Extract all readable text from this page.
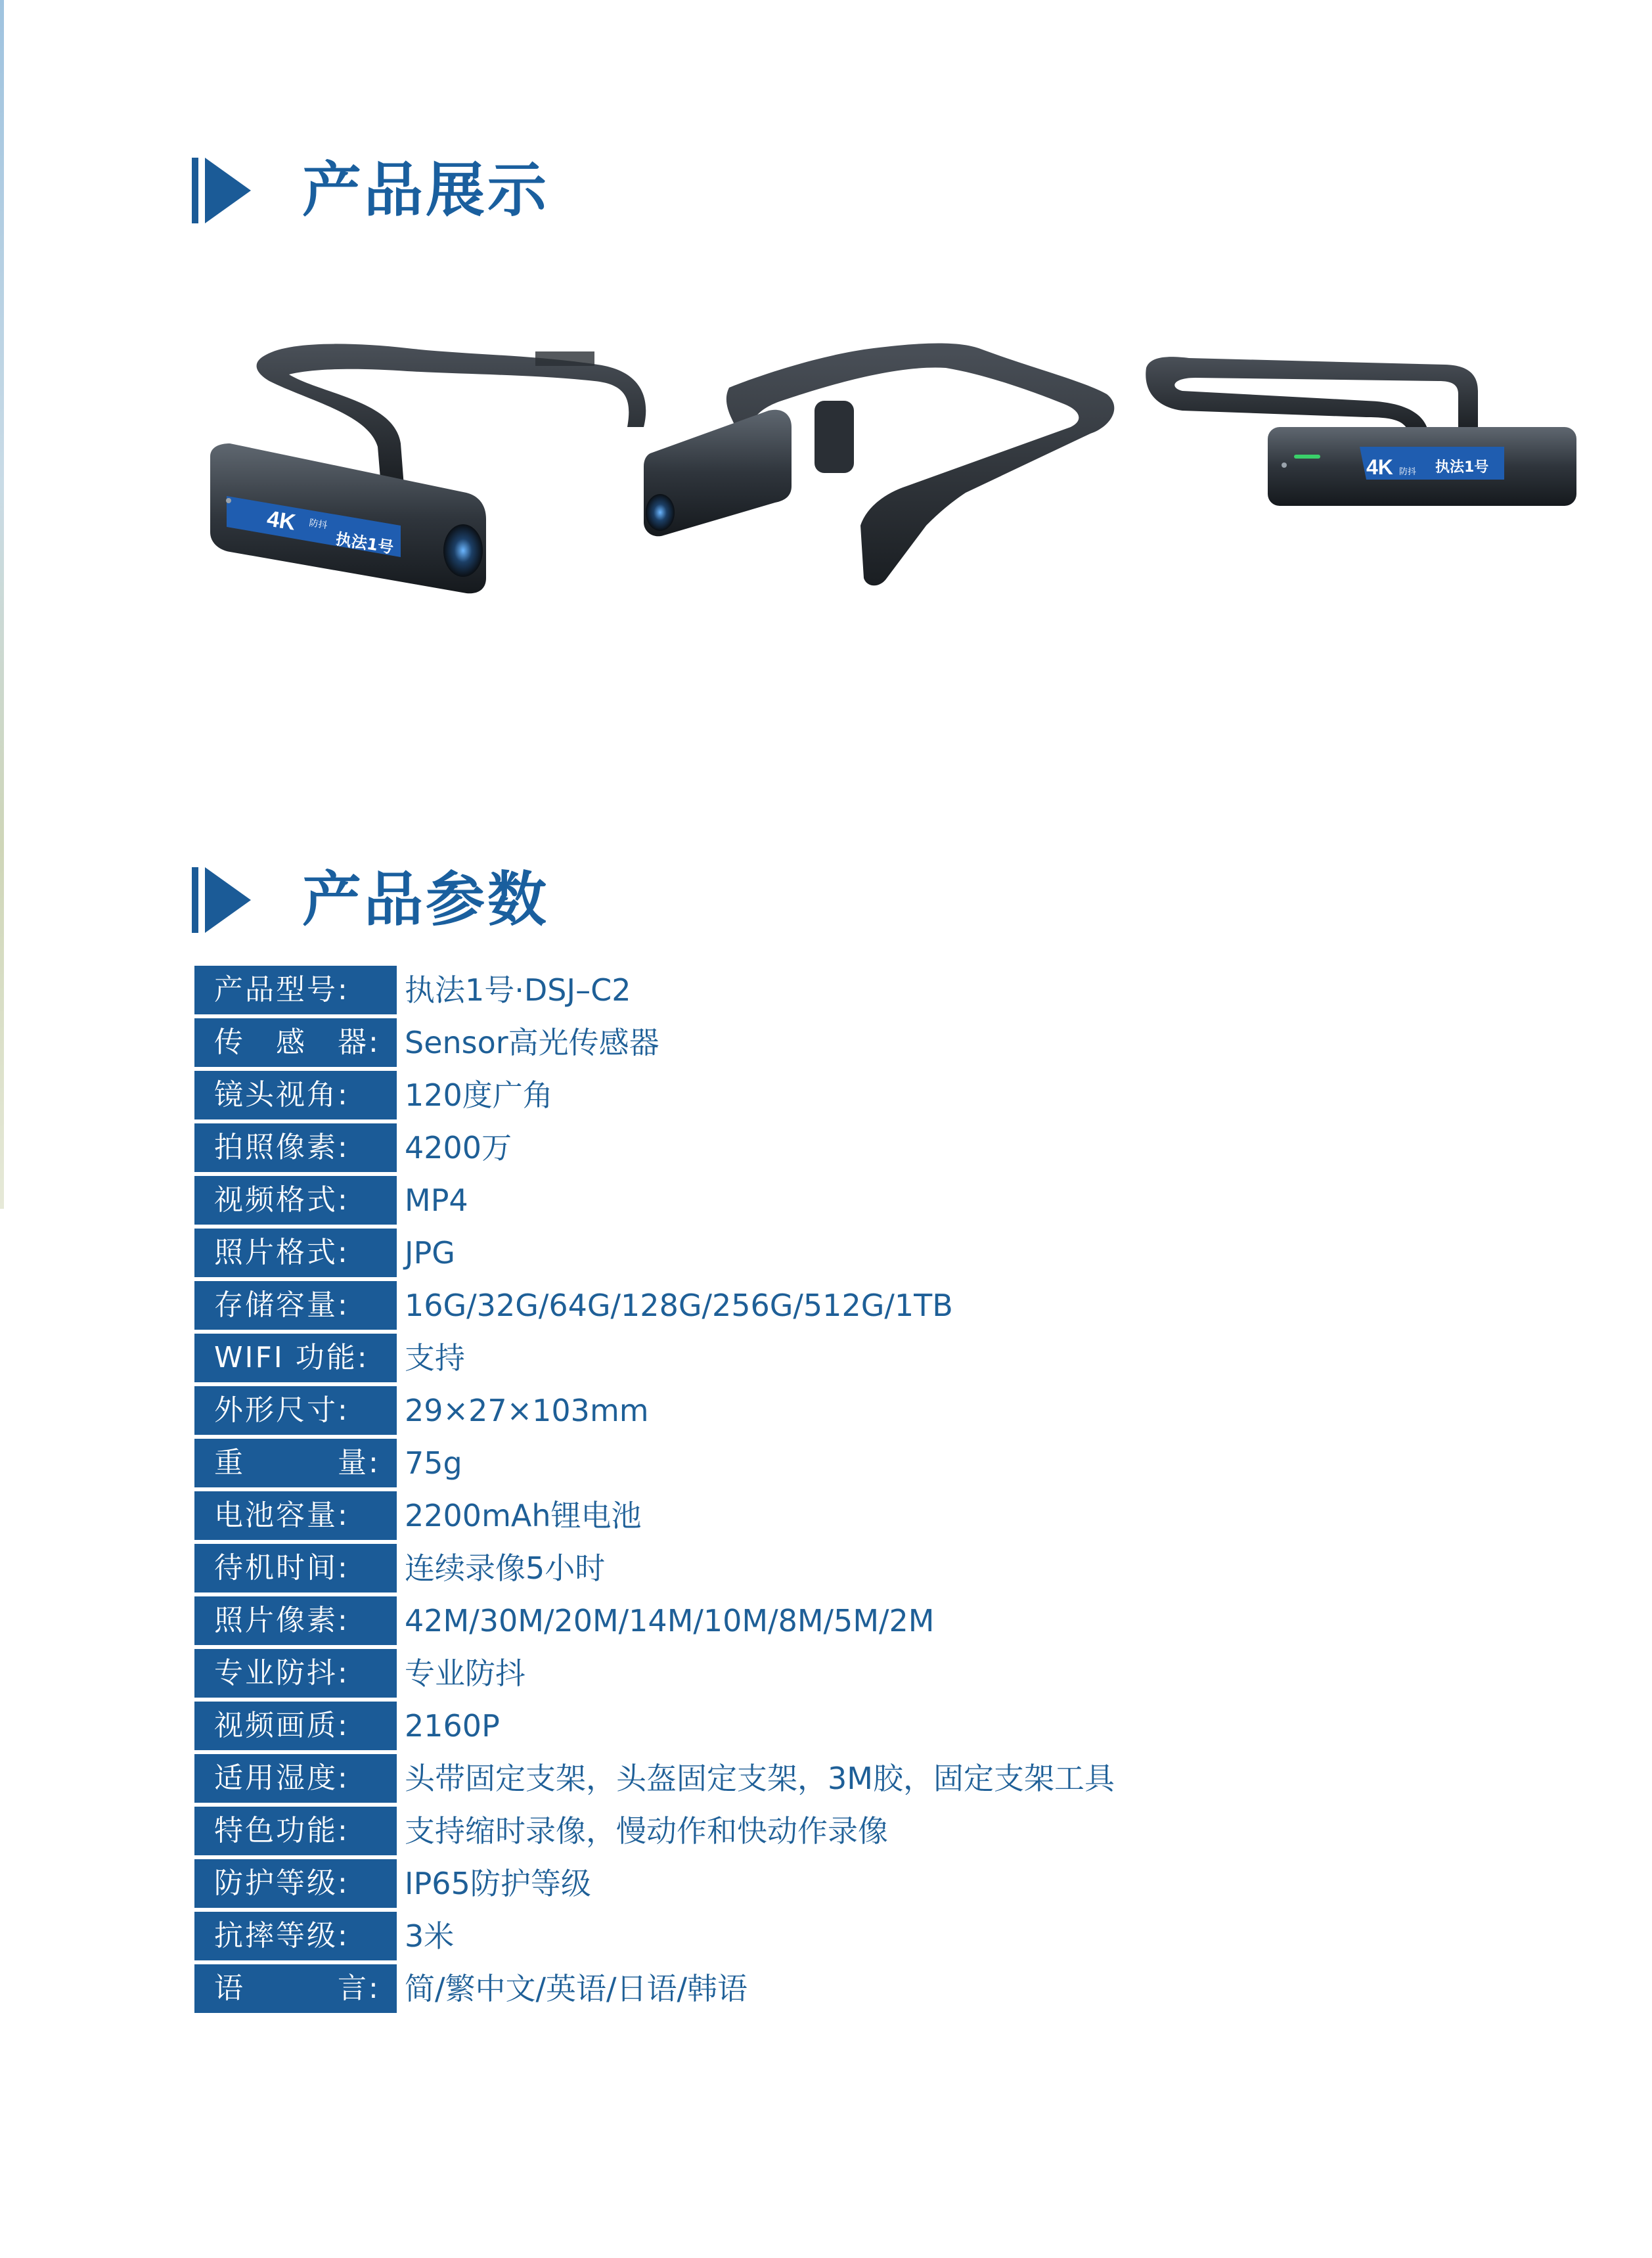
产品展示
4K 防抖
执法1号
4K 防抖 执法1号
产品参数
产品型号:	执法1号·DSJ–C2
传　感　器: Sensor高光传感器
镜头视角:	120度广角
拍照像素:	4200万
视频格式:	MP4
照片格式:	JPG
存储容量:	16G/32G/64G/128G/256G/512G/1TB
WIFI 功能:	支持
外形尺寸:	29×27×103mm
重　　　量: 75g
电池容量:	2200mAh锂电池
待机时间:	连续录像5小时
照片像素:	42M/30M/20M/14M/10M/8M/5M/2M
专业防抖:	专业防抖
视频画质:	2160P
适用湿度:	头带固定支架，头盔固定支架，3M胶，固定支架工具
特色功能:	支持缩时录像，慢动作和快动作录像
防护等级:	IP65防护等级
抗摔等级:	3米
语　　　言: 简/繁中文/英语/日语/韩语
